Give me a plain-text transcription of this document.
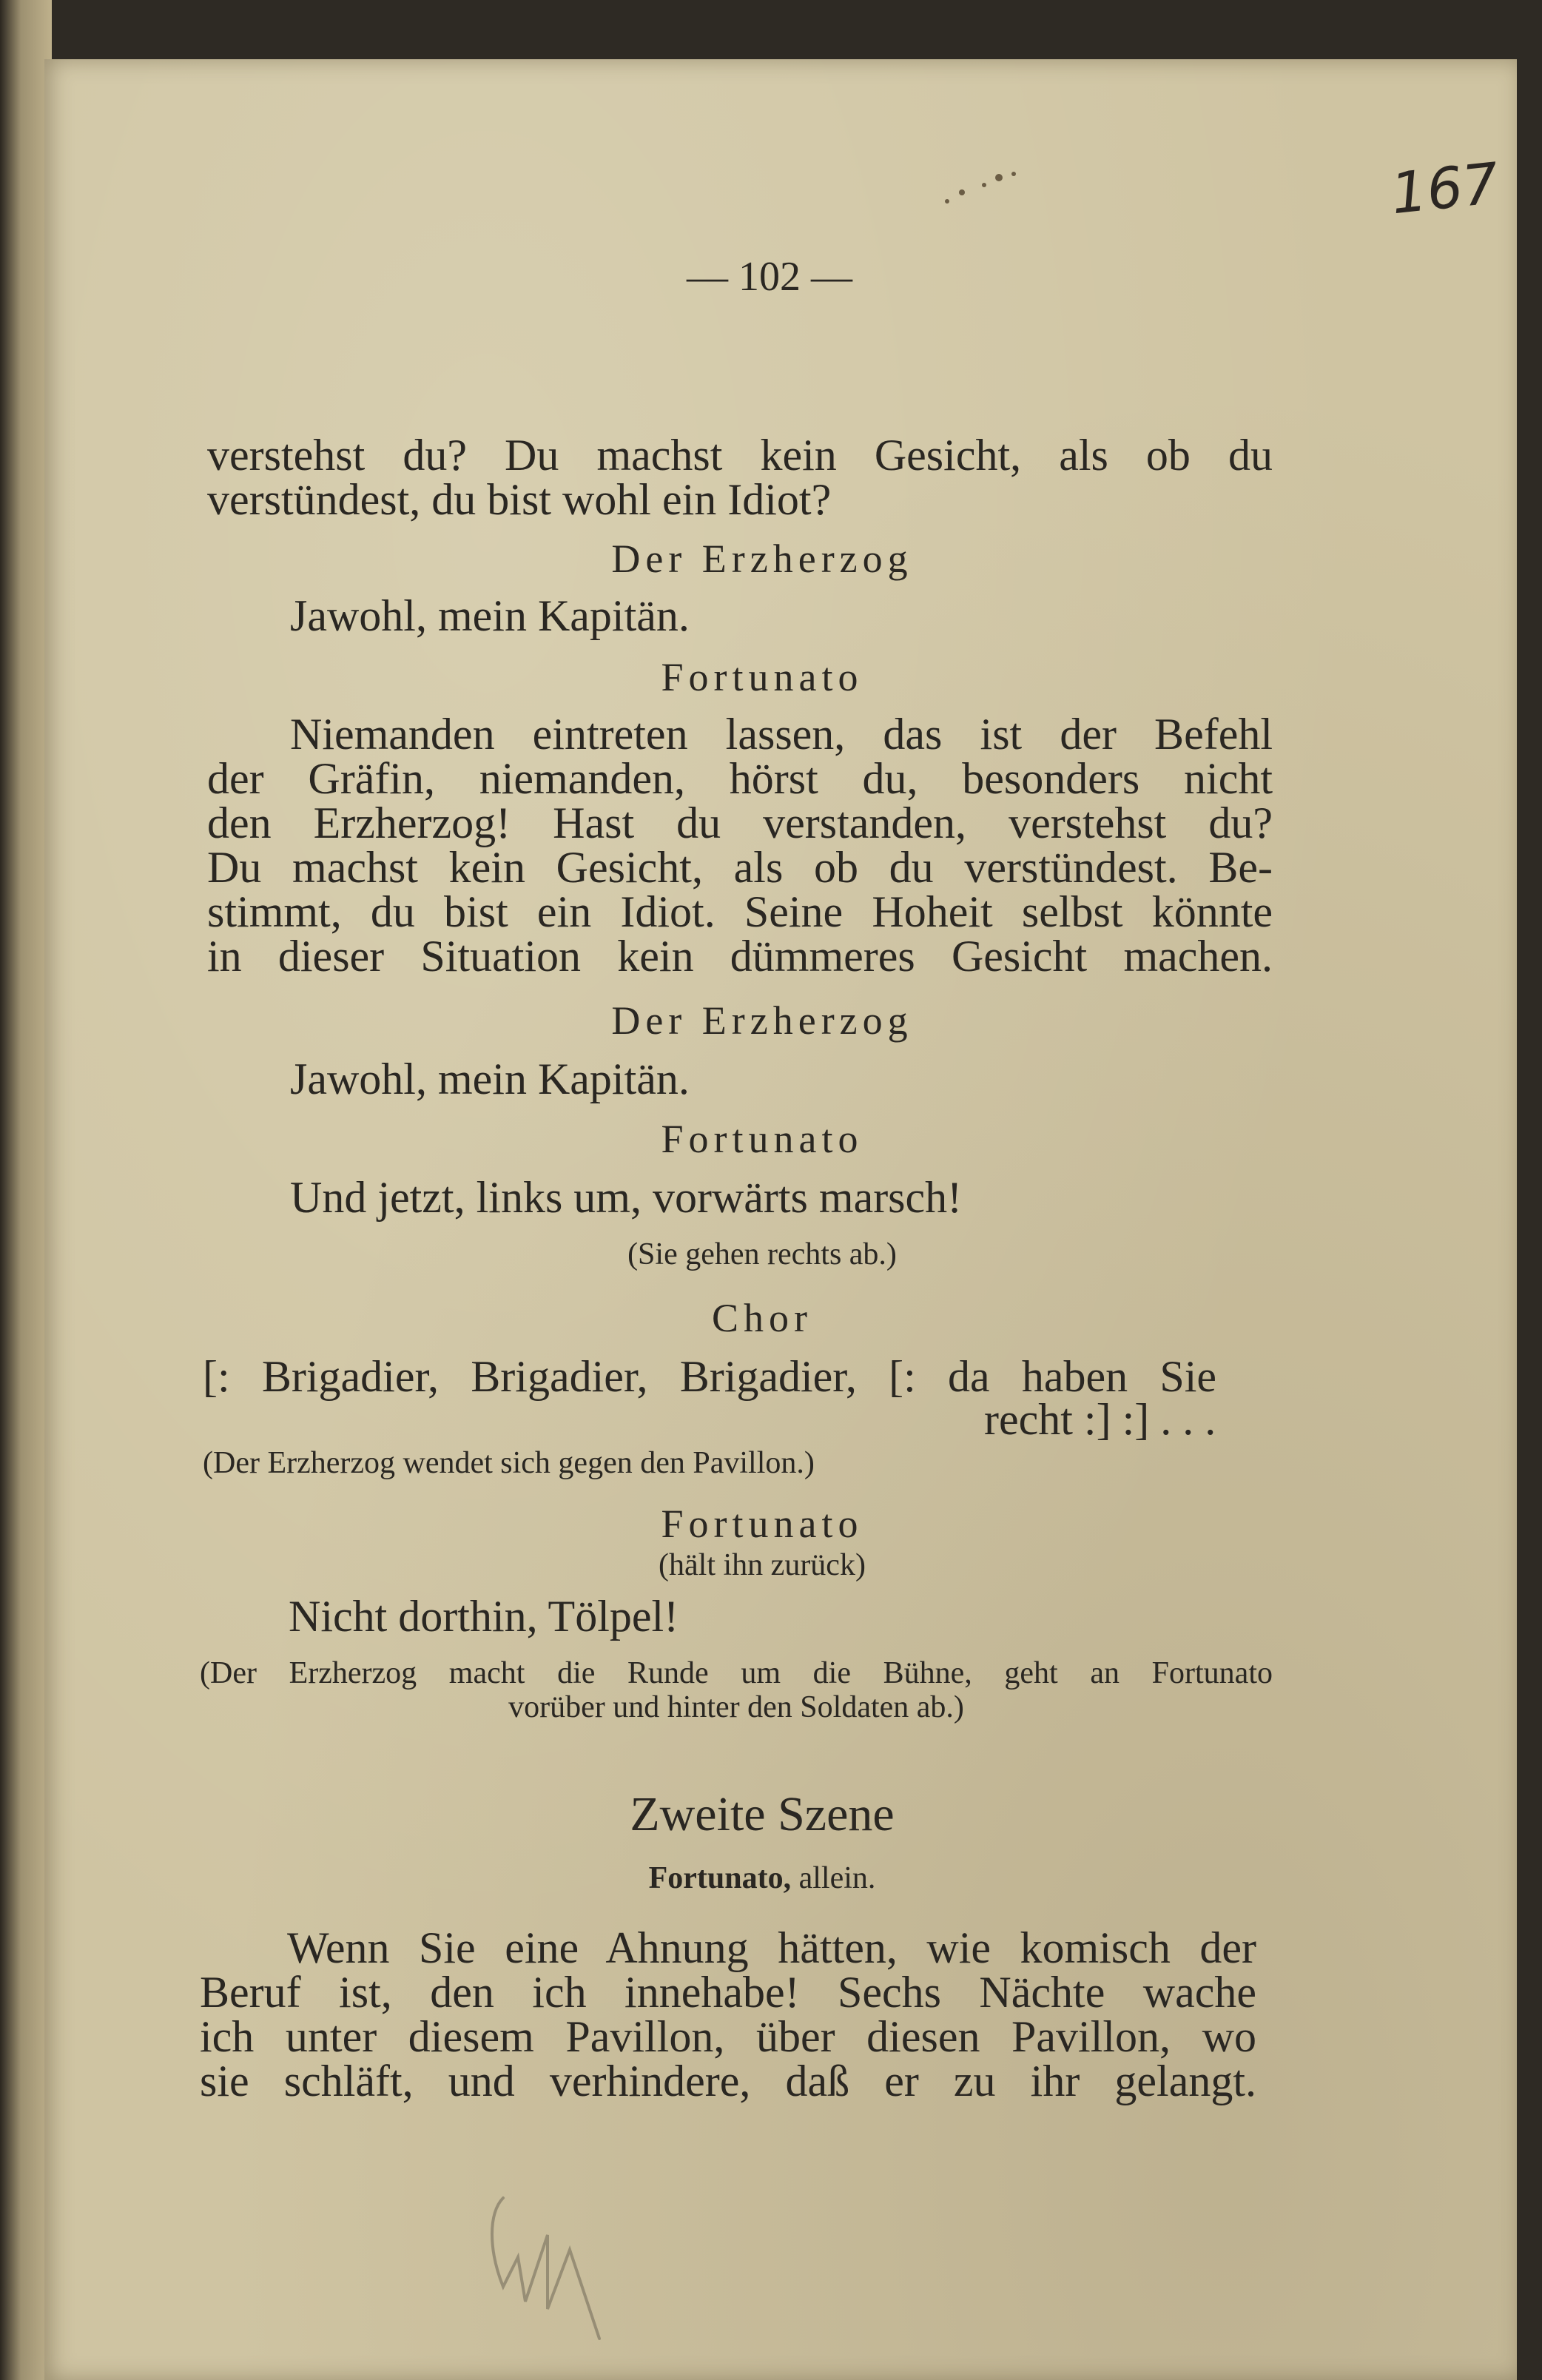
167
— 102 —
verstehst du? Du machst kein Gesicht, als ob du
verstündest, du bist wohl ein Idiot?
Der Erzherzog
Jawohl, mein Kapitän.
Fortunato
Niemanden eintreten lassen, das ist der Befehl
der Gräfin, niemanden, hörst du, besonders nicht
den Erzherzog! Hast du verstanden, verstehst du?
Du machst kein Gesicht, als ob du verstündest. Be-
stimmt, du bist ein Idiot. Seine Hoheit selbst könnte
in dieser Situation kein dümmeres Gesicht machen.
Der Erzherzog
Jawohl, mein Kapitän.
Fortunato
Und jetzt, links um, vorwärts marsch!
(Sie gehen rechts ab.)
Chor
[: Brigadier, Brigadier, Brigadier, [: da haben Sie
recht :] :] . . .
(Der Erzherzog wendet sich gegen den Pavillon.)
Fortunato
(hält ihn zurück)
Nicht dorthin, Tölpel!
(Der Erzherzog macht die Runde um die Bühne, geht an Fortunato
vorüber und hinter den Soldaten ab.)
Zweite Szene
Fortunato, allein.
Wenn Sie eine Ahnung hätten, wie komisch der
Beruf ist, den ich innehabe! Sechs Nächte wache
ich unter diesem Pavillon, über diesen Pavillon, wo
sie schläft, und verhindere, daß er zu ihr gelangt.
